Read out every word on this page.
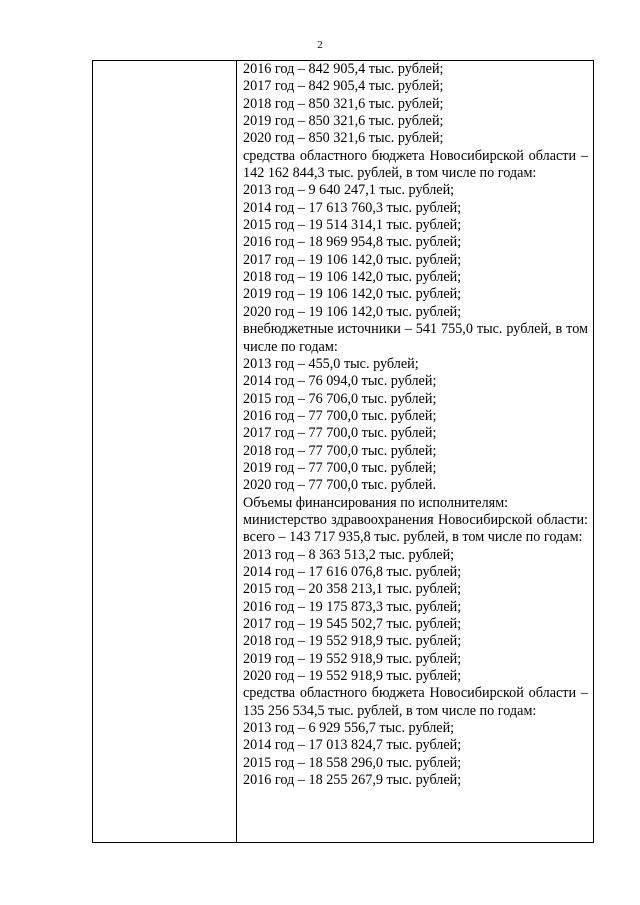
2
2016 год – 842 905,4 тыс. рублей;
2017 год – 842 905,4 тыс. рублей;
2018 год – 850 321,6 тыс. рублей;
2019 год – 850 321,6 тыс. рублей;
2020 год – 850 321,6 тыс. рублей;
средства областного бюджета Новосибирской области – 142 162 844,3 тыс. рублей, в том числе по годам:
2013 год – 9 640 247,1 тыс. рублей;
2014 год – 17 613 760,3 тыс. рублей;
2015 год – 19 514 314,1 тыс. рублей;
2016 год – 18 969 954,8 тыс. рублей;
2017 год – 19 106 142,0 тыс. рублей;
2018 год – 19 106 142,0 тыс. рублей;
2019 год – 19 106 142,0 тыс. рублей;
2020 год – 19 106 142,0 тыс. рублей;
внебюджетные источники – 541 755,0 тыс. рублей, в том числе по годам:
2013 год – 455,0 тыс. рублей;
2014 год – 76 094,0 тыс. рублей;
2015 год – 76 706,0 тыс. рублей;
2016 год – 77 700,0 тыс. рублей;
2017 год – 77 700,0 тыс. рублей;
2018 год – 77 700,0 тыс. рублей;
2019 год – 77 700,0 тыс. рублей;
2020 год – 77 700,0 тыс. рублей.
Объемы финансирования по исполнителям:
министерство здравоохранения Новосибирской области: всего – 143 717 935,8 тыс. рублей, в том числе по годам:
2013 год – 8 363 513,2 тыс. рублей;
2014 год – 17 616 076,8 тыс. рублей;
2015 год – 20 358 213,1 тыс. рублей;
2016 год – 19 175 873,3 тыс. рублей;
2017 год – 19 545 502,7 тыс. рублей;
2018 год – 19 552 918,9 тыс. рублей;
2019 год – 19 552 918,9 тыс. рублей;
2020 год – 19 552 918,9 тыс. рублей;
средства областного бюджета Новосибирской области – 135 256 534,5 тыс. рублей, в том числе по годам:
2013 год – 6 929 556,7 тыс. рублей;
2014 год – 17 013 824,7 тыс. рублей;
2015 год – 18 558 296,0 тыс. рублей;
2016 год – 18 255 267,9 тыс. рублей;
